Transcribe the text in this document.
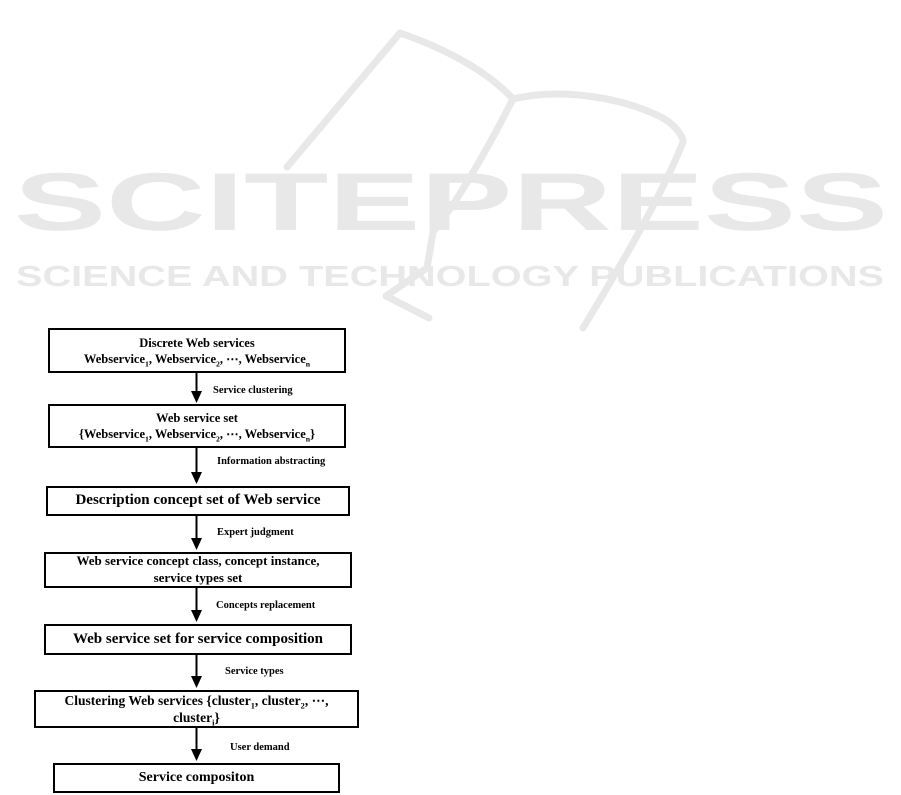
SCITEPRESS
SCIENCE AND TECHNOLOGY PUBLICATIONS
Discrete Web services
Webservice$_1$, Webservice$_2$, ⋯, Webservice$_n$
Web service set
{Webservice$_1$, Webservice$_2$, ⋯, Webservice$_n$}
Description concept set of Web service
Web service concept class, concept instance,
service types set
Web service set for service composition
Clustering Web services {cluster$_1$, cluster$_2$, ⋯,
cluster$_i$}
Service compositon
Service clustering
Information abstracting
Expert judgment
Concepts replacement
Service types
User demand
